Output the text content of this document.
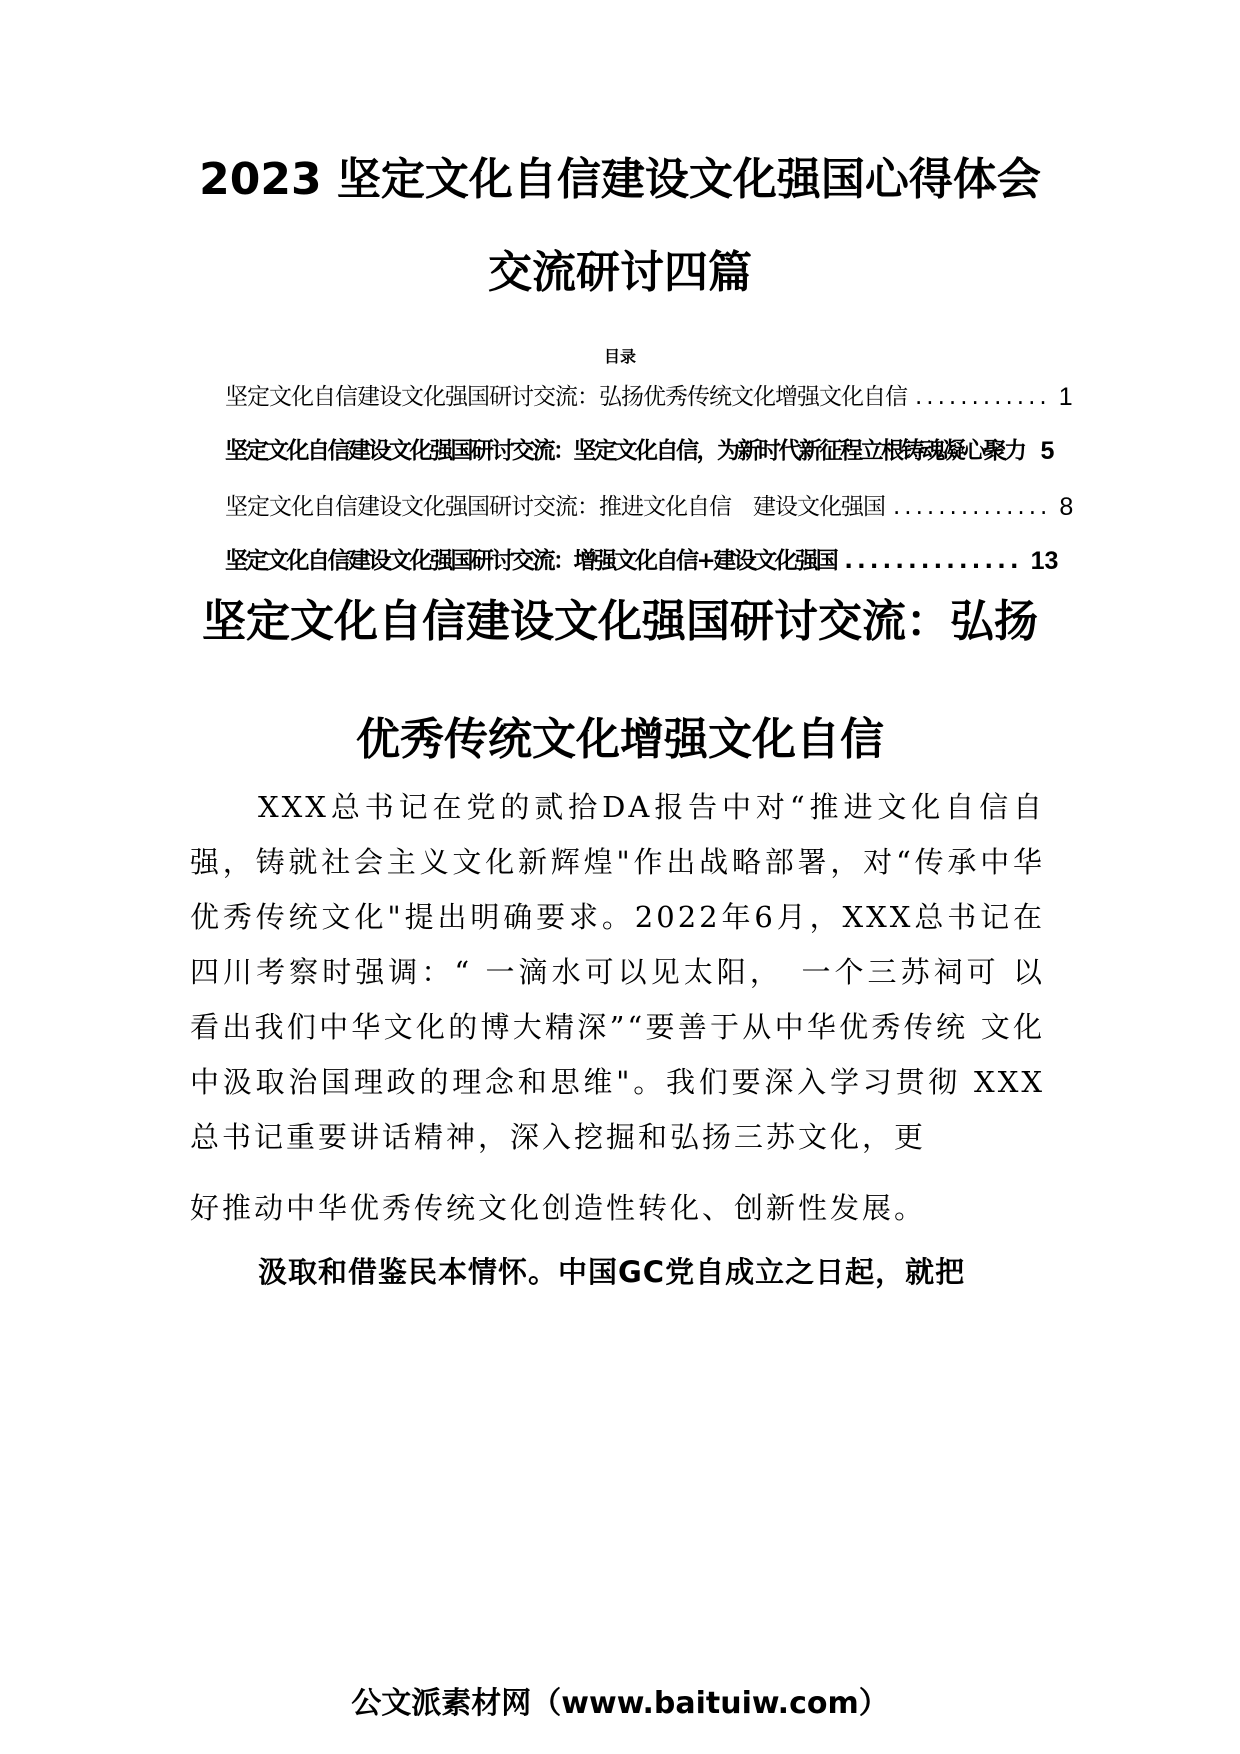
2023 坚定文化自信建设文化强国心得体会
交流研讨四篇
目录
坚定文化自信建设文化强国研讨交流：弘扬优秀传统文化增强文化自信 ............ 1
坚定文化自信建设文化强国研讨交流：坚定文化自信，为新时代新征程立根铸魂凝心聚力 5
坚定文化自信建设文化强国研讨交流：推进文化自信　建设文化强国 .............. 8
坚定文化自信建设文化强国研讨交流：增强文化自信+建设文化强国 .............. 13
坚定文化自信建设文化强国研讨交流：弘扬
优秀传统文化增强文化自信
XXX总书记在党的贰拾DA报告中对“推进文化自信自强，铸就社会主义文化新辉煌"作出战略部署，对“传承中华优秀传统文化"提出明确要求。2022年6月，XXX总书记在四川考察时强调：“ 一滴水可以见太阳，　一个三苏祠可 以看出我们中华文化的博大精深”“要善于从中华优秀传统 文化中汲取治国理政的理念和思维"。我们要深入学习贯彻 XXX总书记重要讲话精神，深入挖掘和弘扬三苏文化，更
好推动中华优秀传统文化创造性转化、创新性发展。
汲取和借鉴民本情怀。中国GC党自成立之日起，就把
公文派素材网（www.baituiw.com）
